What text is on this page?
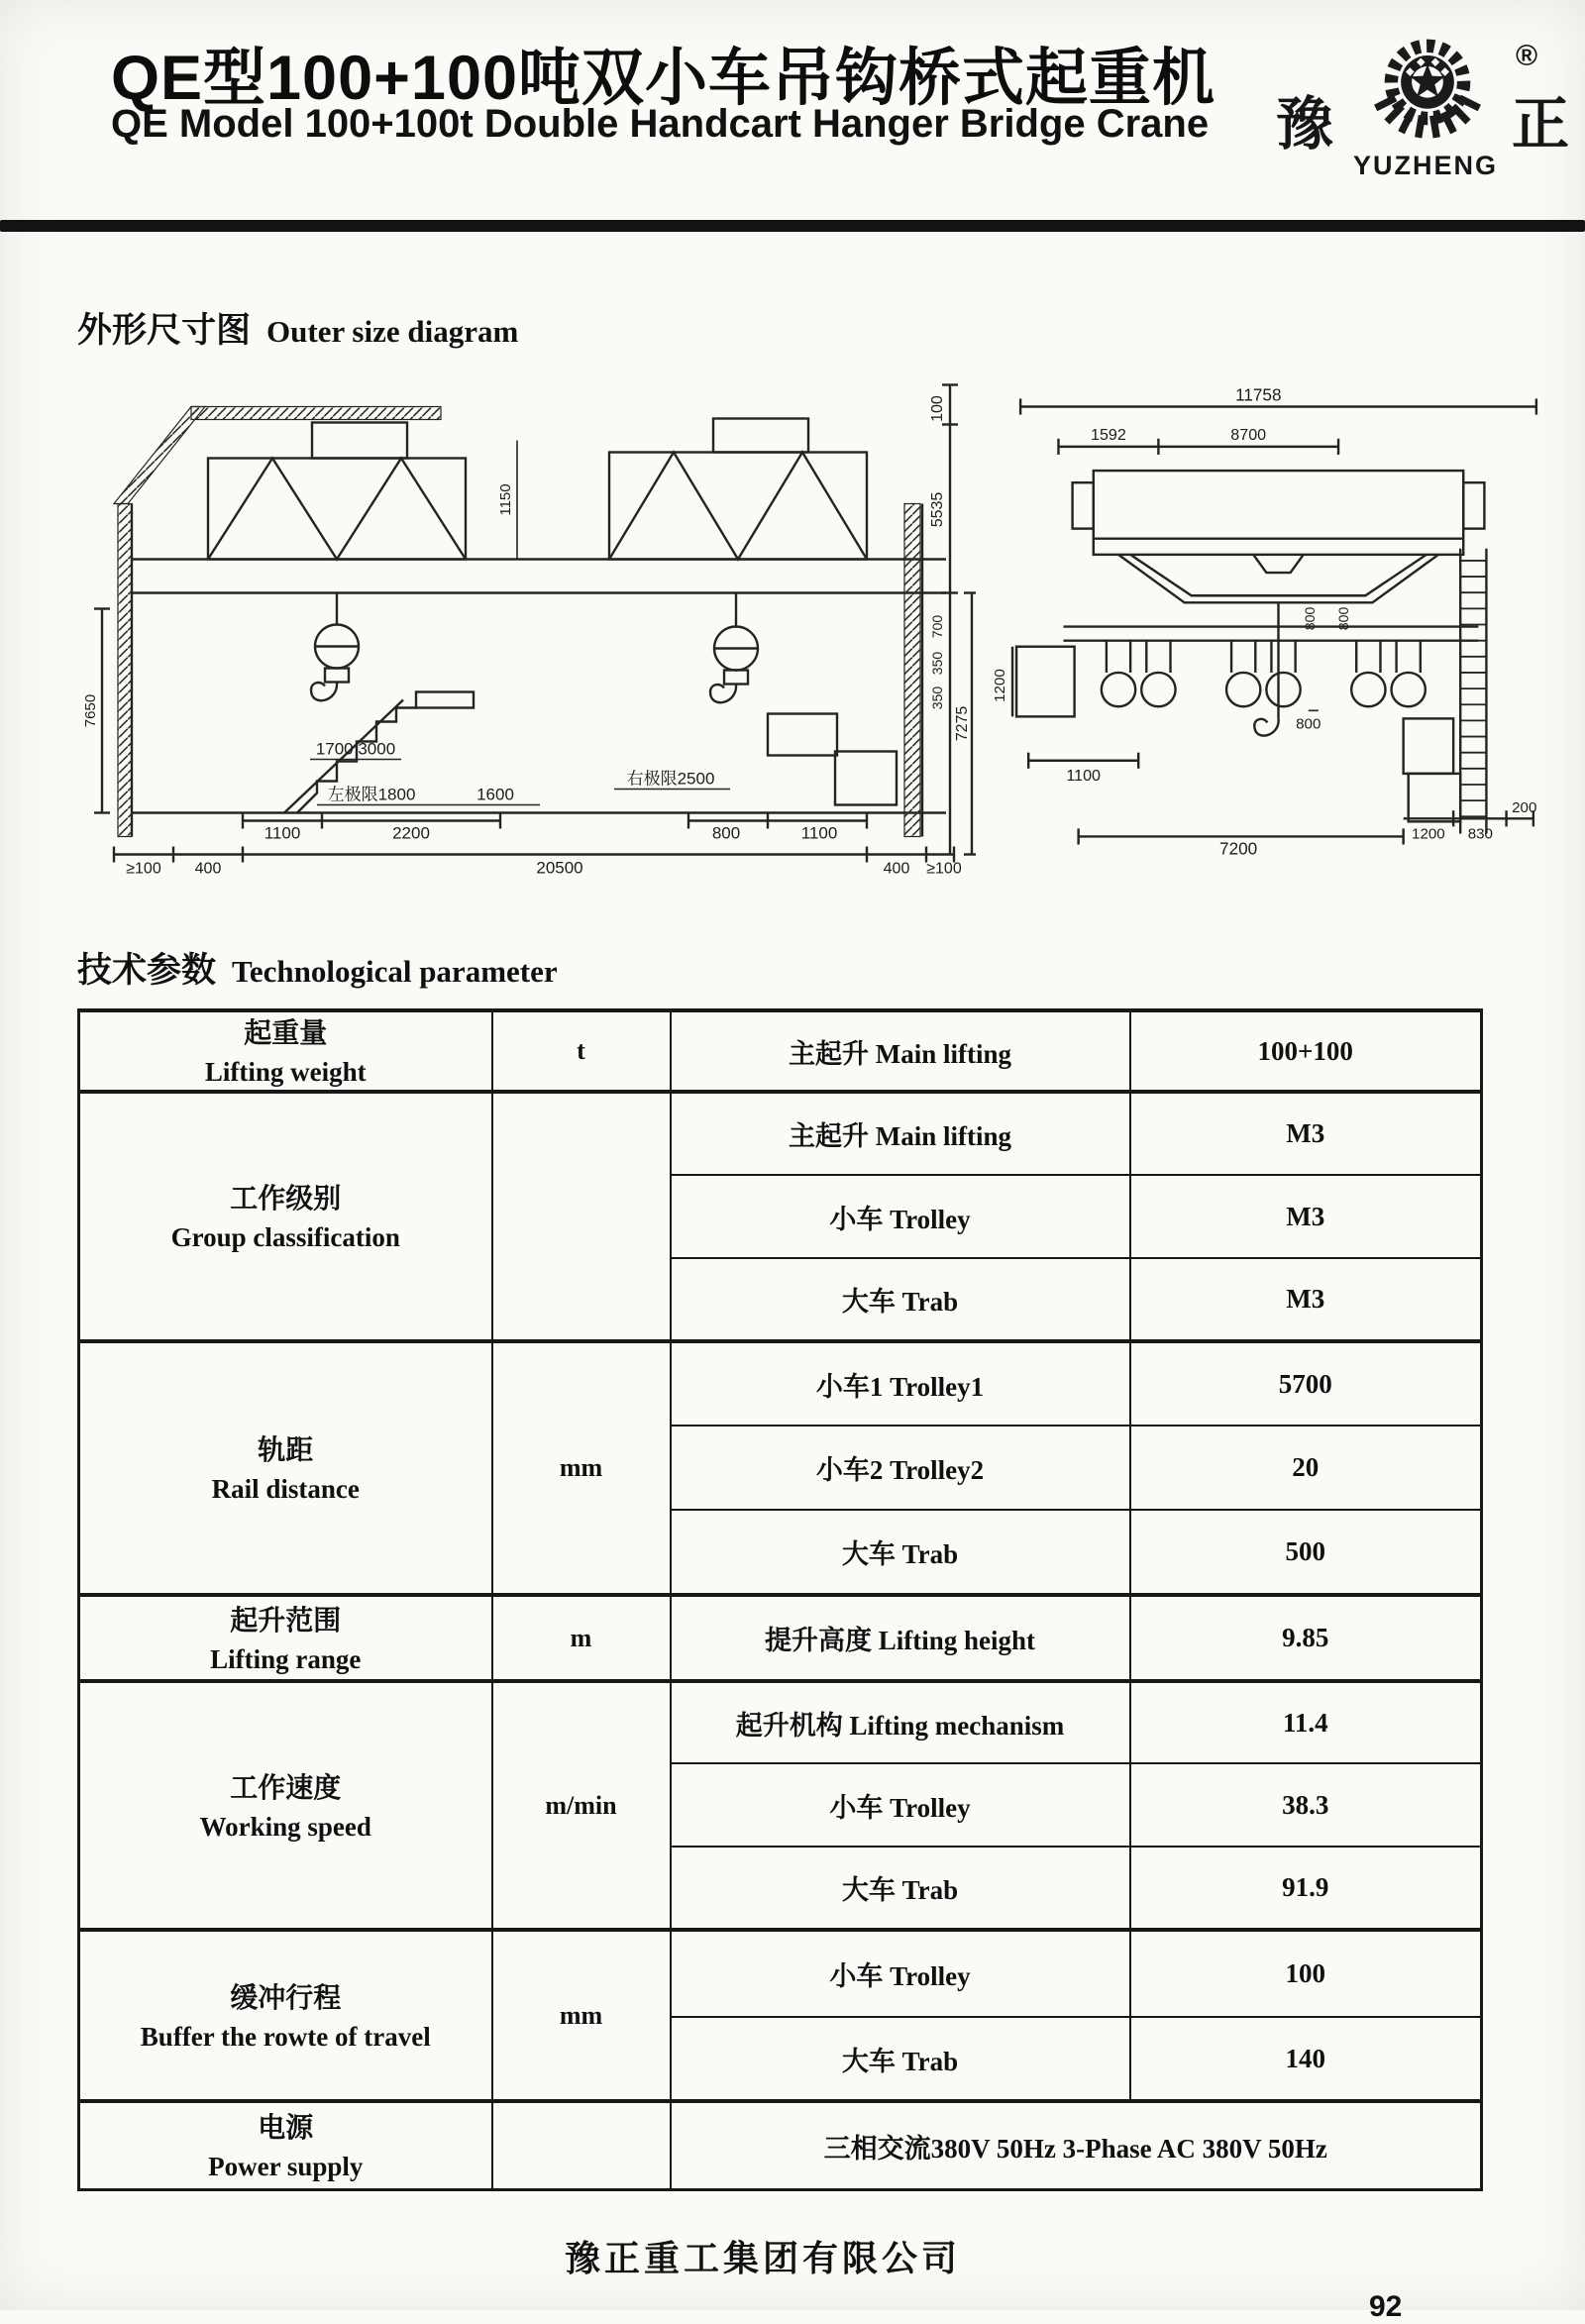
QE型100+100吨双小车吊钩桥式起重机
QE Model 100+100t Double Handcart Hanger Bridge Crane 豫
®
正
YUZHENG
外形尺寸图 Outer size diagram
≥100 400	20500	400 ≥100
1100	2200	800	1100
左极限1800	1600
右极限2500
1700 3000
100
5535
700
350
350
7275
7650
1150
11758
1592	8700
1200
1100
800 800
800
7200
1200 830
200
技术参数 Technological parameter
起重量
Lifting weight	t	主起升 Main lifting	100+100

工作级别
Group classification		主起升 Main lifting	M3
		小车 Trolley	M3
		大车 Trab	M3

轨距
Rail distance	mm	小车1 Trolley1	5700
		小车2 Trolley2	20
		大车 Trab	500

起升范围
Lifting range	m	提升高度 Lifting height	9.85

工作速度
Working speed	m/min	起升机构 Lifting mechanism	11.4
		小车 Trolley	38.3
		大车 Trab	91.9

缓冲行程
Buffer the rowte of travel	mm	小车 Trolley	100
		大车 Trab	140

电源
Power supply		三相交流380V 50Hz 3-Phase AC 380V 50Hz	
豫正重工集团有限公司
92
